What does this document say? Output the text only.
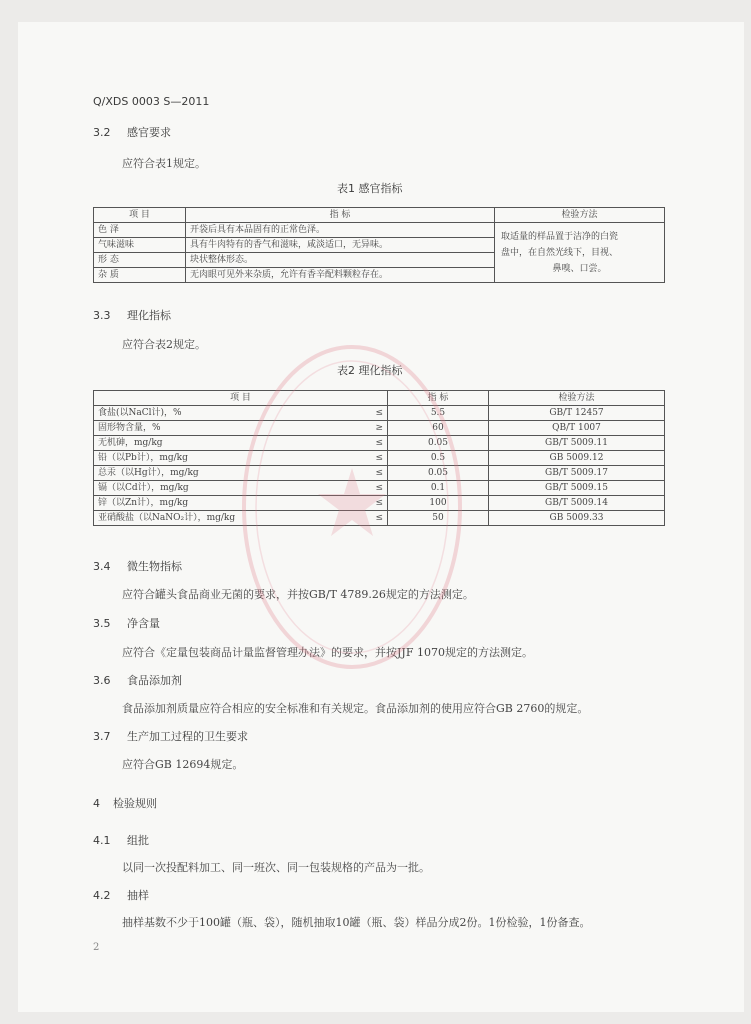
Q/XDS 0003 S—2011
3.2 感官要求
应符合表1规定。
表1 感官指标
项 目	指 标	检验方法
色 泽	开袋后具有本品固有的正常色泽。	取适量的样品置于洁净的白瓷
盘中，在自然光线下，目视、
鼻嗅、口尝。

气味滋味	具有牛肉特有的香气和滋味，咸淡适口，无异味。	
形 态	块状整体形态。	
杂 质	无肉眼可见外来杂质，允许有香辛配料颗粒存在。	
3.3 理化指标
应符合表2规定。
表2 理化指标
项 目	指 标	检验方法
食盐(以NaCl计)，% ≤	5.5	GB/T 12457
固形物含量，% ≥	60	QB/T 1007
无机砷，mg/kg ≤	0.05	GB/T 5009.11
铅（以Pb计），mg/kg ≤	0.5	GB 5009.12
总汞（以Hg计），mg/kg ≤	0.05	GB/T 5009.17
镉（以Cd计），mg/kg ≤	0.1	GB/T 5009.15
锌（以Zn计），mg/kg ≤	100	GB/T 5009.14
亚硝酸盐（以NaNO₂计），mg/kg ≤	50	GB 5009.33
3.4 微生物指标
应符合罐头食品商业无菌的要求，并按GB/T 4789.26规定的方法测定。
3.5 净含量
应符合《定量包装商品计量监督管理办法》的要求，并按JJF 1070规定的方法测定。
3.6 食品添加剂
食品添加剂质量应符合相应的安全标准和有关规定。食品添加剂的使用应符合GB 2760的规定。
3.7 生产加工过程的卫生要求
应符合GB 12694规定。
4 检验规则
4.1 组批
以同一次投配料加工、同一班次、同一包装规格的产品为一批。
4.2 抽样
抽样基数不少于100罐（瓶、袋），随机抽取10罐（瓶、袋）样品分成2份。1份检验，1份备查。
2
